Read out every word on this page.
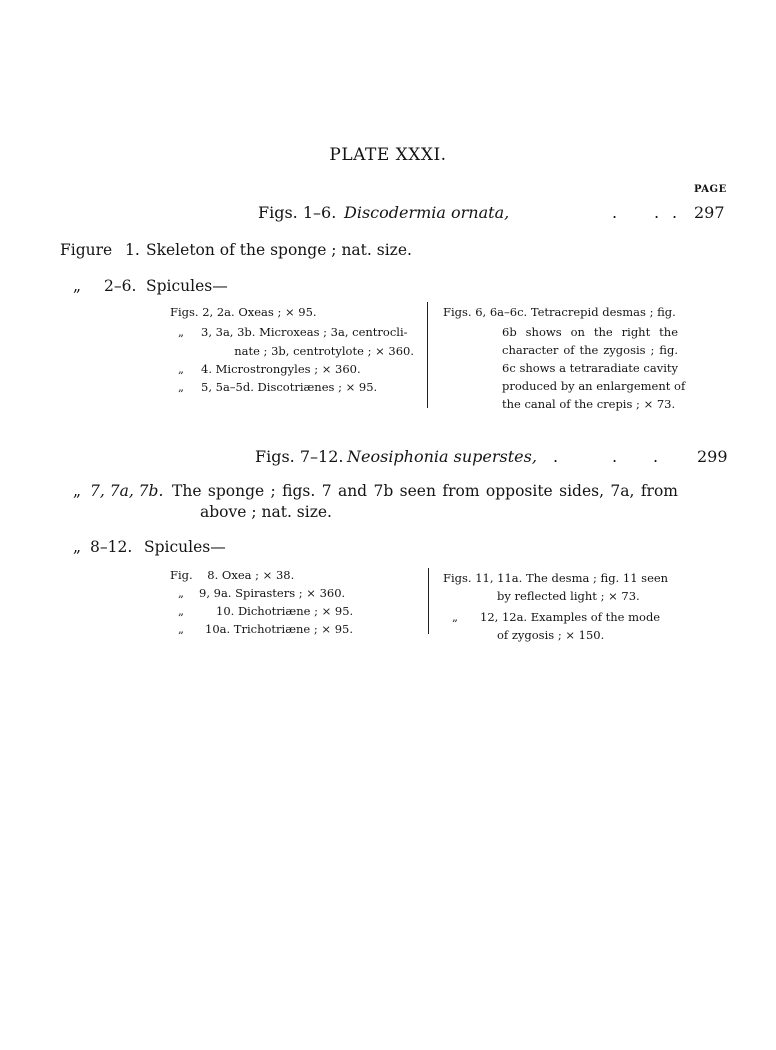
PLATE XXXI.
PAGE
Figs. 1–6. Discodermia ornata,	. . . 297
Figure 1. Skeleton of the sponge ; nat. size.
„ 2–6. Spicules—
Figs. 2, 2a. Oxeas ; × 95.
„ 3, 3a, 3b. Microxeas ; 3a, centrocli-
nate ; 3b, centrotylote ; × 360.
„ 4. Microstrongyles ; × 360.
„ 5, 5a–5d. Discotriænes ; × 95.
Figs. 6, 6a–6c. Tetracrepid desmas ; fig.
6b shows on the right the
character of the zygosis ; fig.
6c shows a tetraradiate cavity
produced by an enlargement of
the canal of the crepis ; × 73.
Figs. 7–12. Neosiphonia superstes, .	. . 299
„ 7, 7a, 7b. The sponge ; figs. 7 and 7b seen from opposite sides, 7a, from
above ; nat. size.
„ 8–12. Spicules—
Fig.    8. Oxea ; × 38.
„ 9, 9a. Spirasters ; × 360.
„	10. Dichotriæne ; × 95.
„ 10a. Trichotriæne ; × 95.
Figs. 11, 11a. The desma ; fig. 11 seen
by reflected light ; × 73.
„ 12, 12a. Examples of the mode
of zygosis ; × 150.
